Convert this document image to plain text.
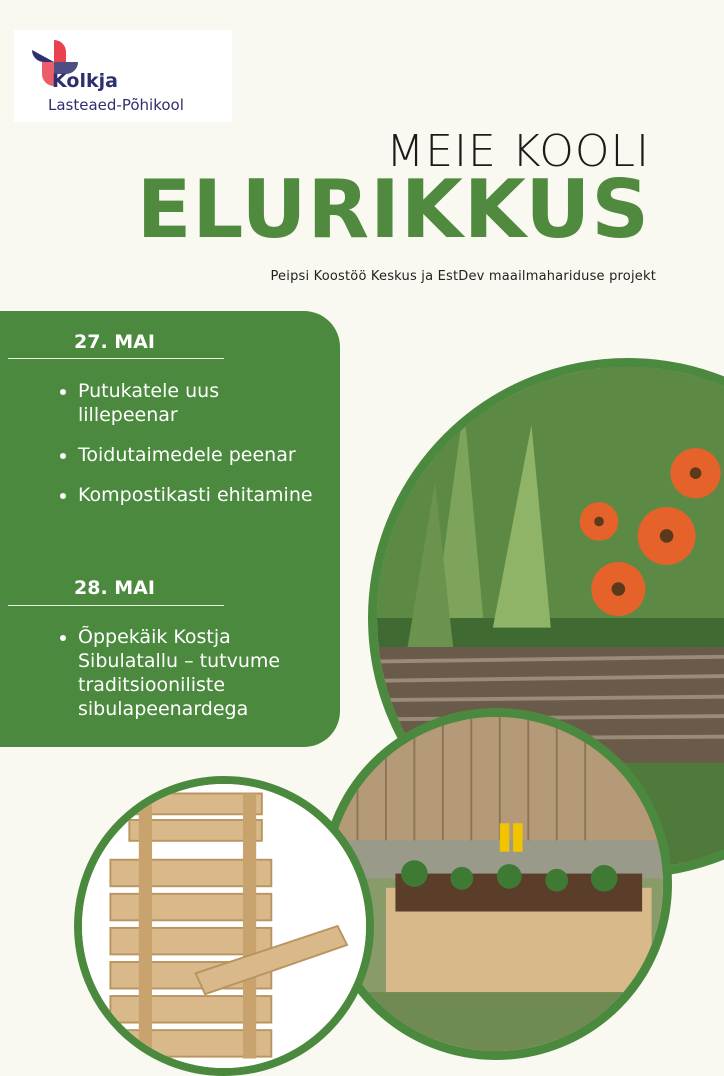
Kolkja
Lasteaed-Põhikool
MEIE KOOLI
ELURIKKUS
Peipsi Koostöö Keskus ja EstDev maailmahariduse projekt
27. MAI
Putukatele uus lillepeenar
Toidutaimedele peenar
Kompostikasti ehitamine
28. MAI
Õppekäik Kostja Sibulatallu – tutvume traditsiooniliste sibulapeenardega
